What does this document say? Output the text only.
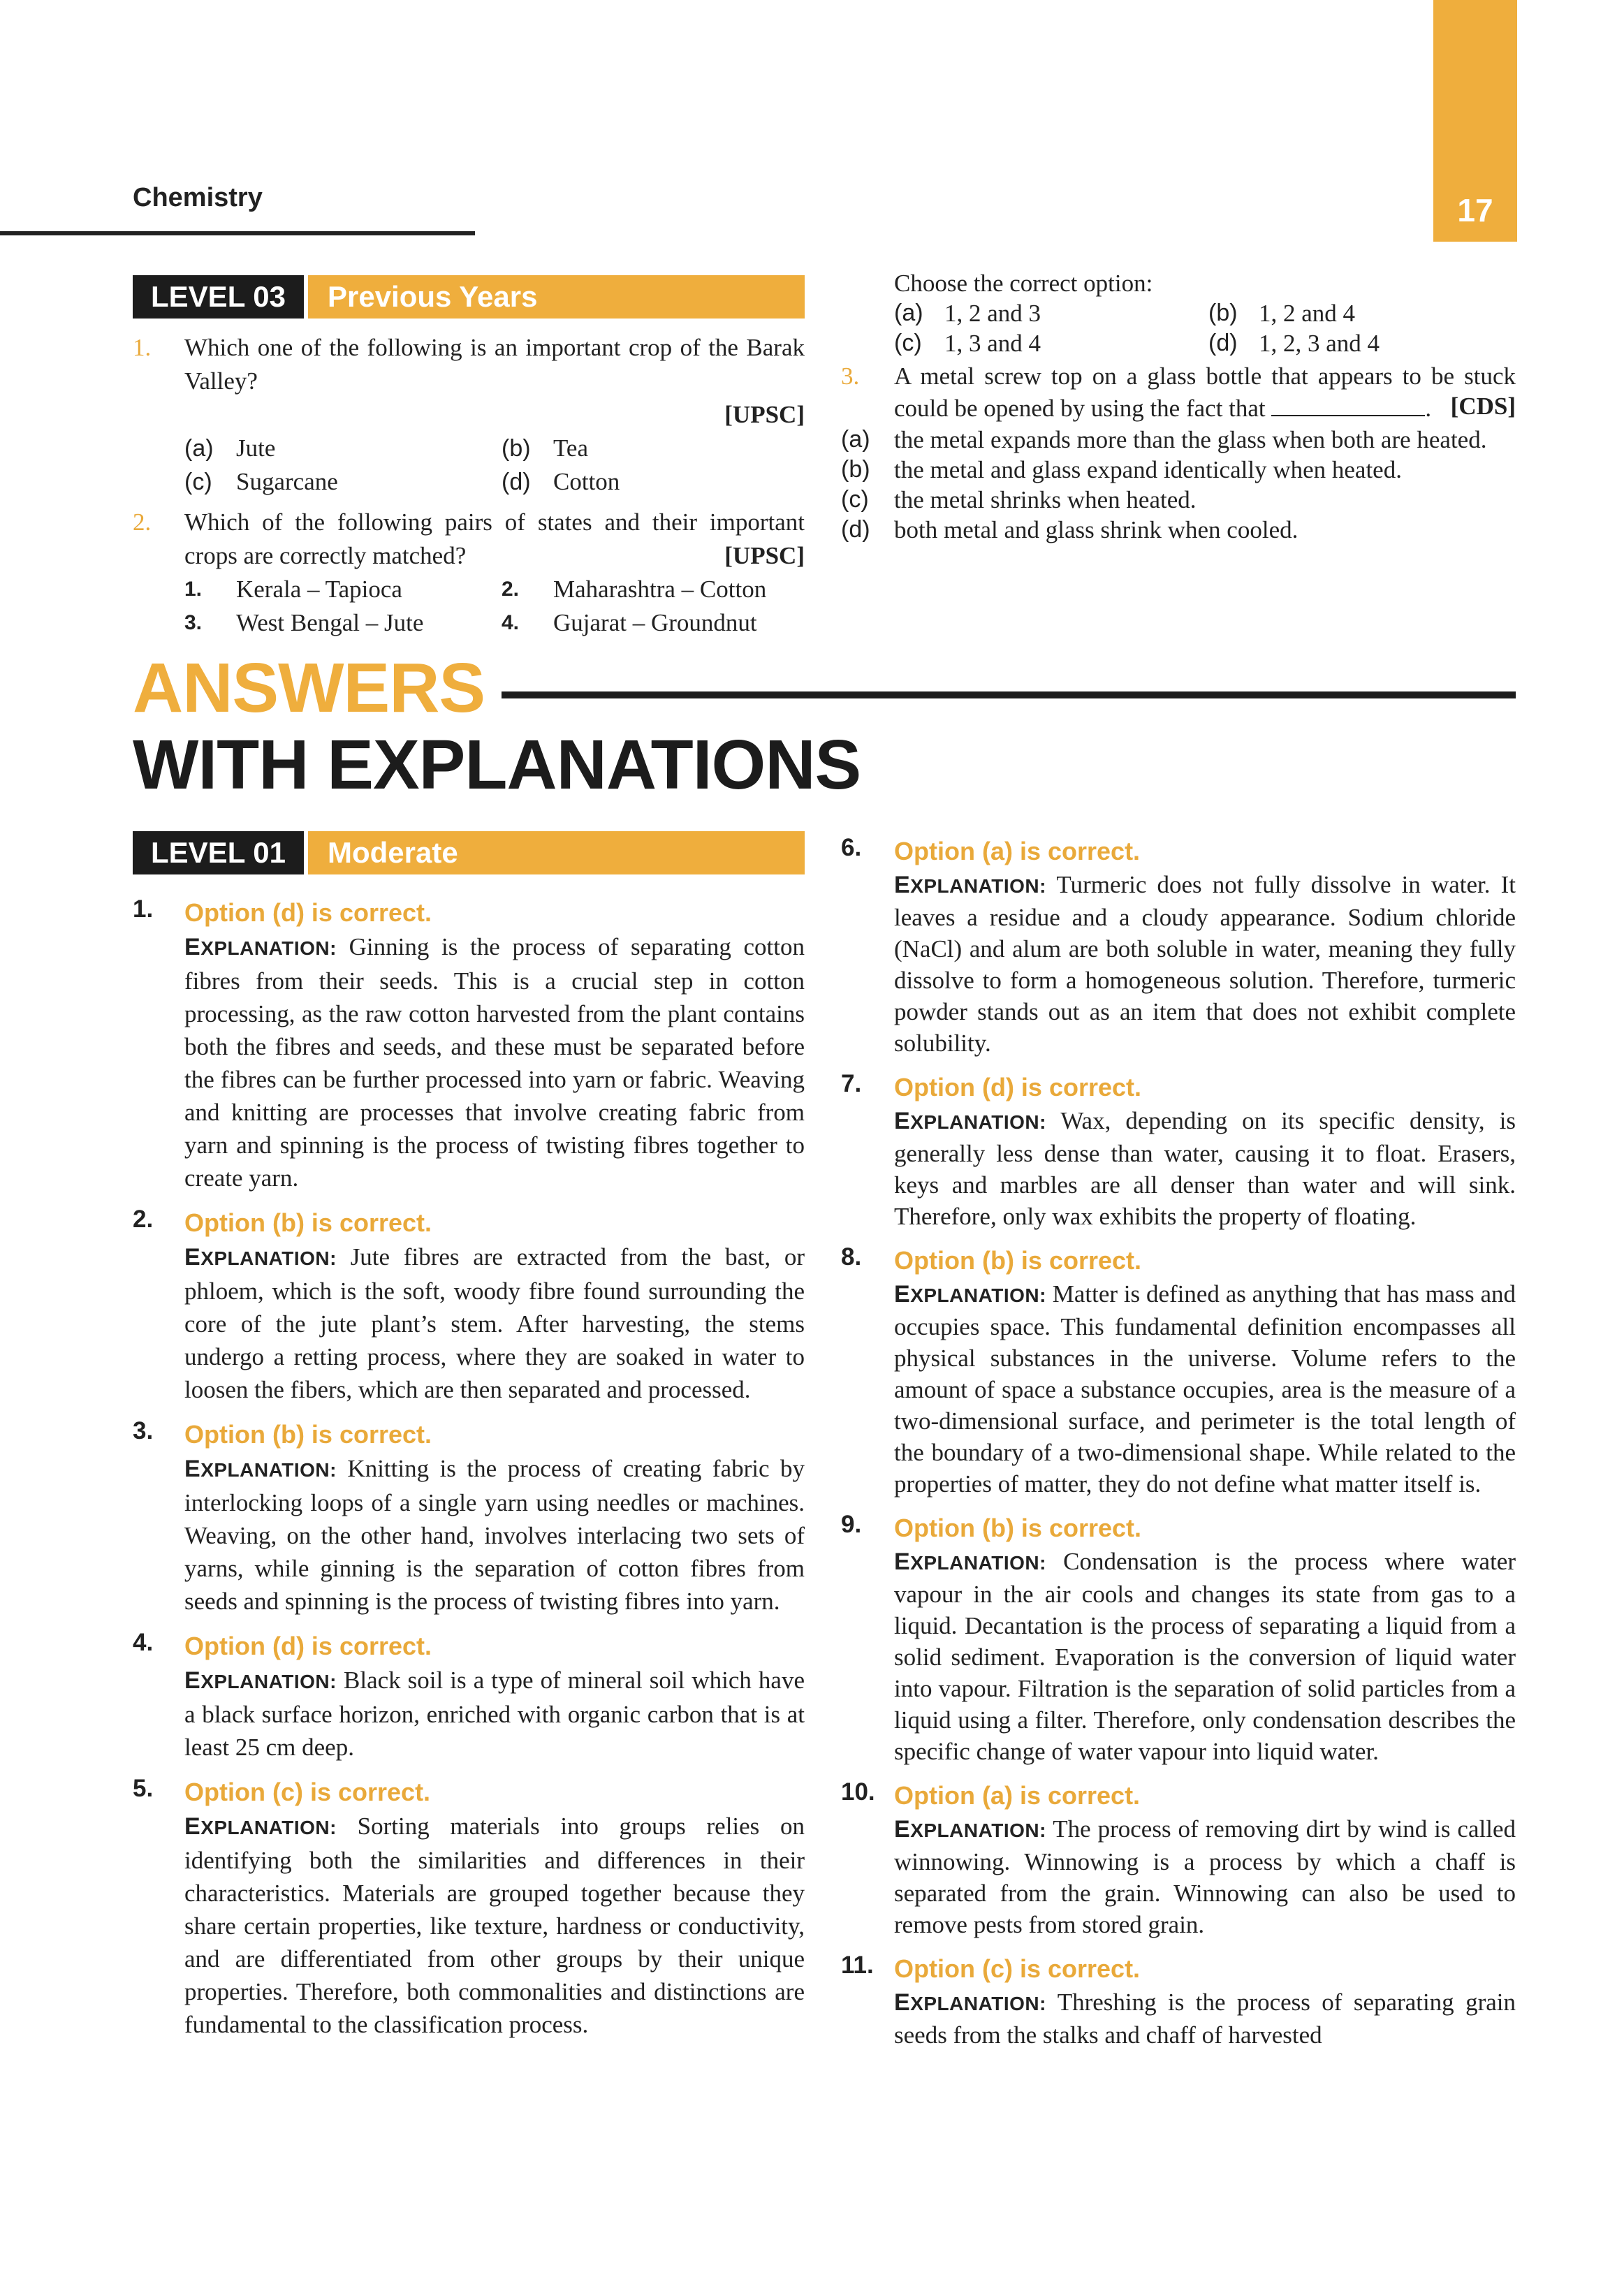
17
Chemistry
LEVEL 03	Previous Years
1. Which one of the following is an important crop of the Barak Valley?
[UPSC]
(a) Jute	(b) Tea
(c) Sugarcane	(d) Cotton
2. Which of the following pairs of states and their important crops are correctly matched?	[UPSC]
1. Kerala – Tapioca	2. Maharashtra – Cotton
3. West Bengal – Jute	4. Gujarat – Groundnut
Choose the correct option:
(a) 1, 2 and 3	(b) 1, 2 and 4
(c) 1, 3 and 4	(d) 1, 2, 3 and 4
3. A metal screw top on a glass bottle that appears to be stuck could be opened by using the fact that	. [CDS]
(a) the metal expands more than the glass when both are heated.
(b) the metal and glass expand identically when heated.
(c) the metal shrinks when heated.
(d) both metal and glass shrink when cooled.
ANSWERS
WITH EXPLANATIONS
LEVEL 01	Moderate
1. Option (d) is correct.
EXPLANATION: Ginning is the process of separating cotton fibres from their seeds. This is a crucial step in cotton processing, as the raw cotton harvested from the plant contains both the fibres and seeds, and these must be separated before the fibres can be further processed into yarn or fabric. Weaving and knitting are processes that involve creating fabric from yarn and spinning is the process of twisting fibres together to create yarn.
2. Option (b) is correct.
EXPLANATION: Jute fibres are extracted from the bast, or phloem, which is the soft, woody fibre found surrounding the core of the jute plant’s stem. After harvesting, the stems undergo a retting process, where they are soaked in water to loosen the fibers, which are then separated and processed.
3. Option (b) is correct.
EXPLANATION: Knitting is the process of creating fabric by interlocking loops of a single yarn using needles or machines. Weaving, on the other hand, involves interlacing two sets of yarns, while ginning is the separation of cotton fibres from seeds and spinning is the process of twisting fibres into yarn.
4. Option (d) is correct.
EXPLANATION: Black soil is a type of mineral soil which have a black surface horizon, enriched with organic carbon that is at least 25 cm deep.
5. Option (c) is correct.
EXPLANATION: Sorting materials into groups relies on identifying both the similarities and differences in their characteristics. Materials are grouped together because they share certain properties, like texture, hardness or conductivity, and are differentiated from other groups by their unique properties. Therefore, both commonalities and distinctions are fundamental to the classification process.
6. Option (a) is correct.
EXPLANATION: Turmeric does not fully dissolve in water. It leaves a residue and a cloudy appearance. Sodium chloride (NaCl) and alum are both soluble in water, meaning they fully dissolve to form a homogeneous solution. Therefore, turmeric powder stands out as an item that does not exhibit complete solubility.
7. Option (d) is correct.
EXPLANATION: Wax, depending on its specific density, is generally less dense than water, causing it to float. Erasers, keys and marbles are all denser than water and will sink. Therefore, only wax exhibits the property of floating.
8. Option (b) is correct.
EXPLANATION: Matter is defined as anything that has mass and occupies space. This fundamental definition encompasses all physical substances in the universe. Volume refers to the amount of space a substance occupies, area is the measure of a two-dimensional surface, and perimeter is the total length of the boundary of a two-dimensional shape. While related to the properties of matter, they do not define what matter itself is.
9. Option (b) is correct.
EXPLANATION: Condensation is the process where water vapour in the air cools and changes its state from gas to a liquid. Decantation is the process of separating a liquid from a solid sediment. Evaporation is the conversion of liquid water into vapour. Filtration is the separation of solid particles from a liquid using a filter. Therefore, only condensation describes the specific change of water vapour into liquid water.
10. Option (a) is correct.
EXPLANATION: The process of removing dirt by wind is called winnowing. Winnowing is a process by which a chaff is separated from the grain. Winnowing can also be used to remove pests from stored grain.
11. Option (c) is correct.
EXPLANATION: Threshing is the process of separating grain seeds from the stalks and chaff of harvested
